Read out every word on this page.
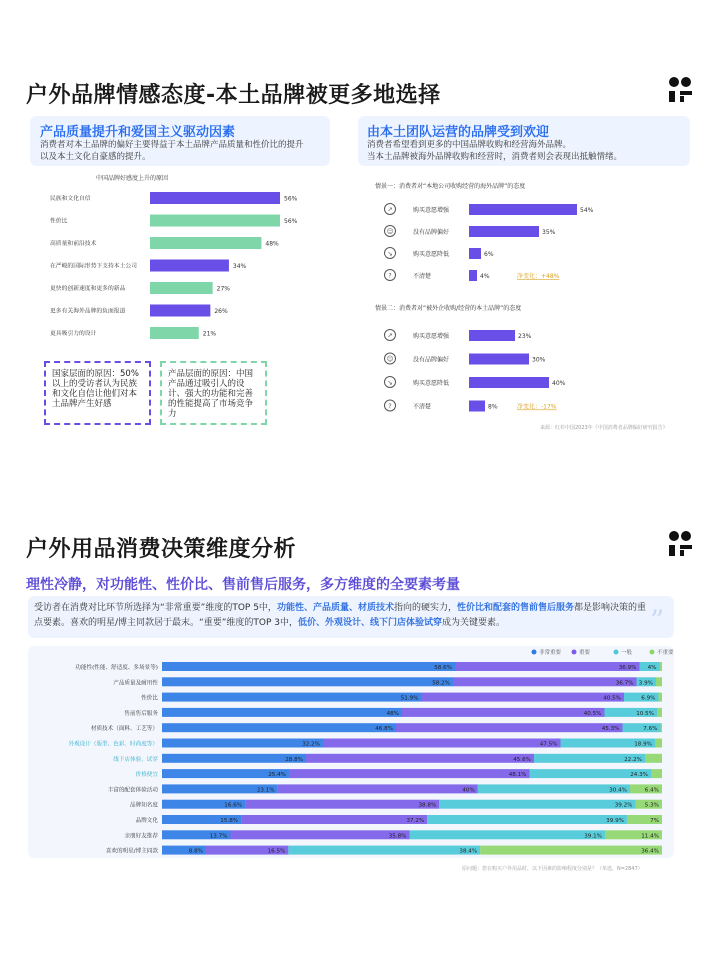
户外品牌情感态度-本土品牌被更多地选择
产品质量提升和爱国主义驱动因素
消费者对本土品牌的偏好主要得益于本土品牌产品质量和性价比的提升以及本土文化自豪感的提升。
由本土团队运营的品牌受到欢迎
消费者希望看到更多的中国品牌收购和经营海外品牌。
当本土品牌被海外品牌收购和经营时，消费者则会表现出抵触情绪。
中国品牌好感度上升的原因
民族和文化自信	56%
性价比	56%
高质量和前沿技术	48%
在严峻的国际形势下支持本土公司	34%
更快的创新速度和更多的新品	27%
更多有关海外品牌的负面报道	26%
更具吸引力的设计	21%
国家层面的原因：50%以上的受访者认为民族和文化自信让他们对本土品牌产生好感
产品层面的原因：中国产品通过吸引人的设计、强大的功能和完善的性能提高了市场竞争力
情景一：消费者对“本地公司收购经营的海外品牌”的态度
↗	购买意愿增强	54%
☺	没有品牌偏好	35%
↘	购买意愿降低	6%
?	不清楚	4%	净变化：+48%
情景二：消费者对“被外企收购/经营的本土品牌”的态度
↗	购买意愿增强	23%
☺	没有品牌偏好	30%
↘	购买意愿降低	40%
?	不清楚	8%	净变化：-17%
来源：红杉中国2023年《中国消费者品牌偏好研究报告》
户外用品消费决策维度分析
理性冷静，对功能性、性价比、售前售后服务，多方维度的全要素考量
受访者在消费对比环节所选择为“非常重要”维度的TOP 5中，功能性、产品质量、材质技术指向的硬实力，性价比和配套的售前售后服务都是影响决策的重点要素。喜欢的明星/博主同款居于最末。“重要”维度的TOP 3中，低价、外观设计、线下门店体验试穿成为关键要素。	”
非常重要	重要	一般	不重要
功能性(性能、舒适度、多场景等)	58.6%	36.9% 4%
产品质量及耐用性	58.2%	36.7% 3.9%
性价比	51.9%	40.5%	6.9%
售前售后服务	48%	40.5%	10.5%
材质技术（面料、工艺等）	46.8%	45.3%	7.6%
外观设计（版型、色彩、时尚度等）	32.2%	47.5%	18.9%
线下店体验、试穿	28.8%	45.6%	22.2%
价格便宜	25.4%	48.1%	24.3%
丰富的配套体验活动	23.1%	40%	30.4%	6.4%
品牌知名度	16.6%	38.8%	39.2% 5.3%
品牌文化	15.8%	37.2%	39.9%	7%
亲朋好友推荐	13.7%	35.8%	39.1%	11.4%
喜欢的明星/博主同款	8.8%	16.5%	38.4%	36.4%
原问题：您在购买户外用品时，以下因素的影响程度分别是？（单选，N=2847）
